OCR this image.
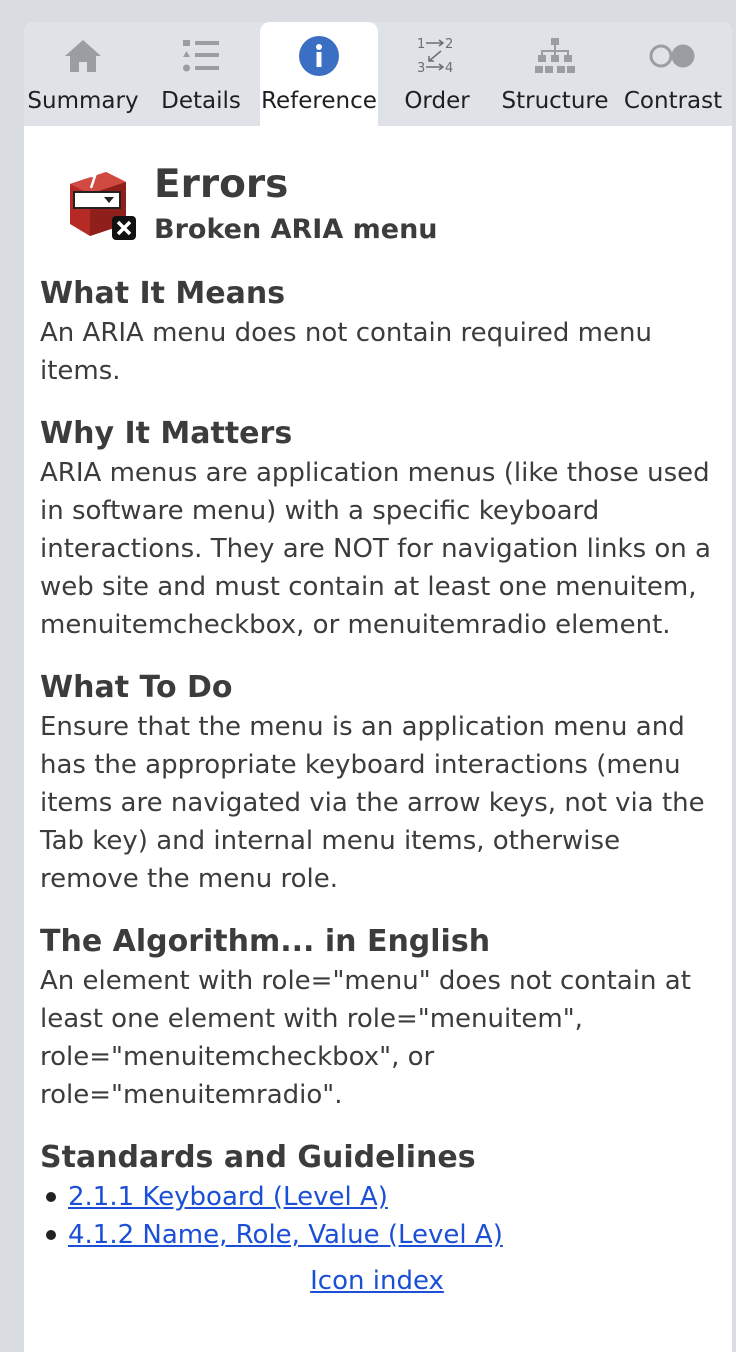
Summary Details Reference
1 2
3 4
Order	Structure Contrast
Errors
Broken ARIA menu
What It Means

An ARIA menu does not contain required menu items.

Why It Matters

ARIA menus are application menus (like those used in software menu) with a specific keyboard interactions. They are NOT for navigation links on a web site and must contain at least one menuitem, menuitemcheckbox, or menuitemradio element.

What To Do

Ensure that the menu is an application menu and has the appropriate keyboard interactions (menu items are navigated via the arrow keys, not via the Tab key) and internal menu items, otherwise remove the menu role.

The Algorithm... in English

An element with role="menu" does not contain at least one element with role="menuitem", role="menuitemcheckbox", or role="menuitemradio".

Standards and Guidelines
2.1.1 Keyboard (Level A)
4.1.2 Name, Role, Value (Level A)
Icon index
